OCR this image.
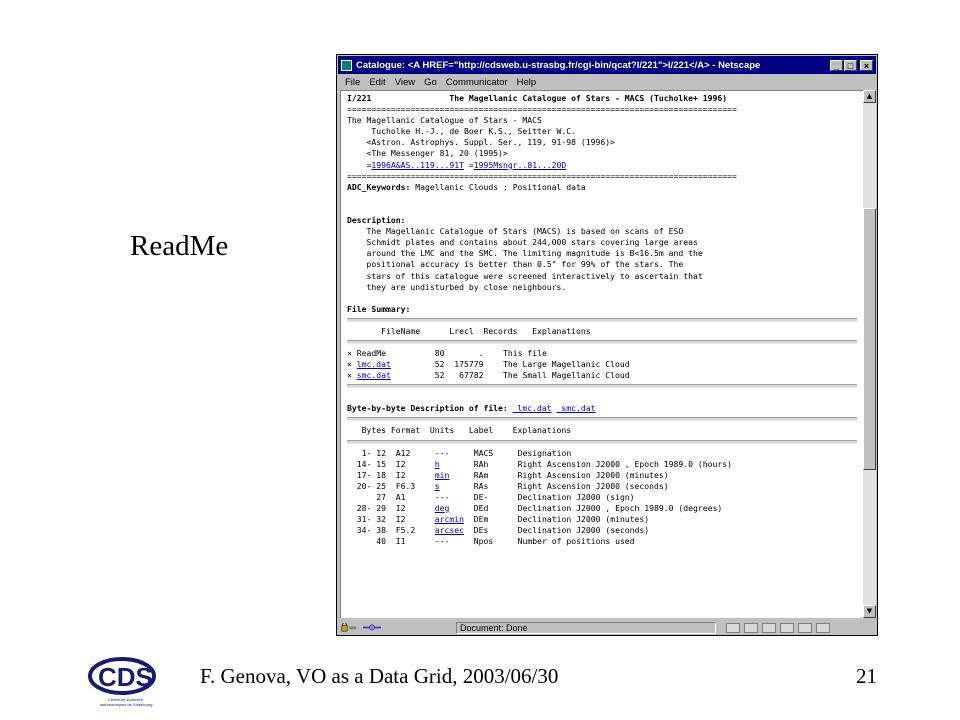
ReadMe
Catalogue: <A HREF="http://cdsweb.u-strasbg.fr/cgi-bin/qcat?I/221">I/221</A> - Netscape	_ □	×
File Edit View Go Communicator Help
I/221                The Magellanic Catalogue of Stars - MACS (Tucholke+ 1996)
================================================================================
The Magellanic Catalogue of Stars - MACS
Tucholke H.-J., de Boer K.S., Seitter W.C.
<Astron. Astrophys. Suppl. Ser., 119, 91-98 (1996)>
<The Messenger 81, 20 (1995)>
=1996A&AS..119...91T =1995Msngr..81...20D
================================================================================
ADC_Keywords: Magellanic Clouds ; Positional data

Description:
The Magellanic Catalogue of Stars (MACS) is based on scans of ESO
Schmidt plates and contains about 244,000 stars covering large areas
around the LMC and the SMC. The limiting magnitude is B<16.5m and the
positional accuracy is better than 0.5" for 99% of the stars. The
stars of this catalogue were screened interactively to ascertain that
they are undisturbed by close neighbours.

File Summary:

FileName      Lrecl  Records   Explanations

× ReadMe	80       . This file
× lmc.dat	52  175779 The Large Magellanic Cloud
× smc.dat	52   67782 The Small Magellanic Cloud

Byte-by-byte Description of file:  lmc.dat  smc.dat

Bytes Format  Units   Label    Explanations

1- 12 A12     ---     MACS     Designation
14- 15 I2      h	RAh      Right Ascension J2000 , Epoch 1989.0 (hours)
17- 18 I2      min	RAm      Right Ascension J2000 (minutes)
20- 25 F6.3 s	RAs      Right Ascension J2000 (seconds)
27 A1      ---     DE-      Declination J2000 (sign)
28- 29 I2      deg	DEd      Declination J2000 , Epoch 1989.0 (degrees)
31- 32 I2      arcmin DEm      Declination J2000 (minutes)
34- 38 F5.2 arcsec DEs      Declination J2000 (seconds)
40 I1      ---     Npos     Number of positions used
▲
▼
Document: Done
CDS
Centre de Données
astronomiques de Strasbourg
F. Genova, VO as a Data Grid, 2003/06/30	21
